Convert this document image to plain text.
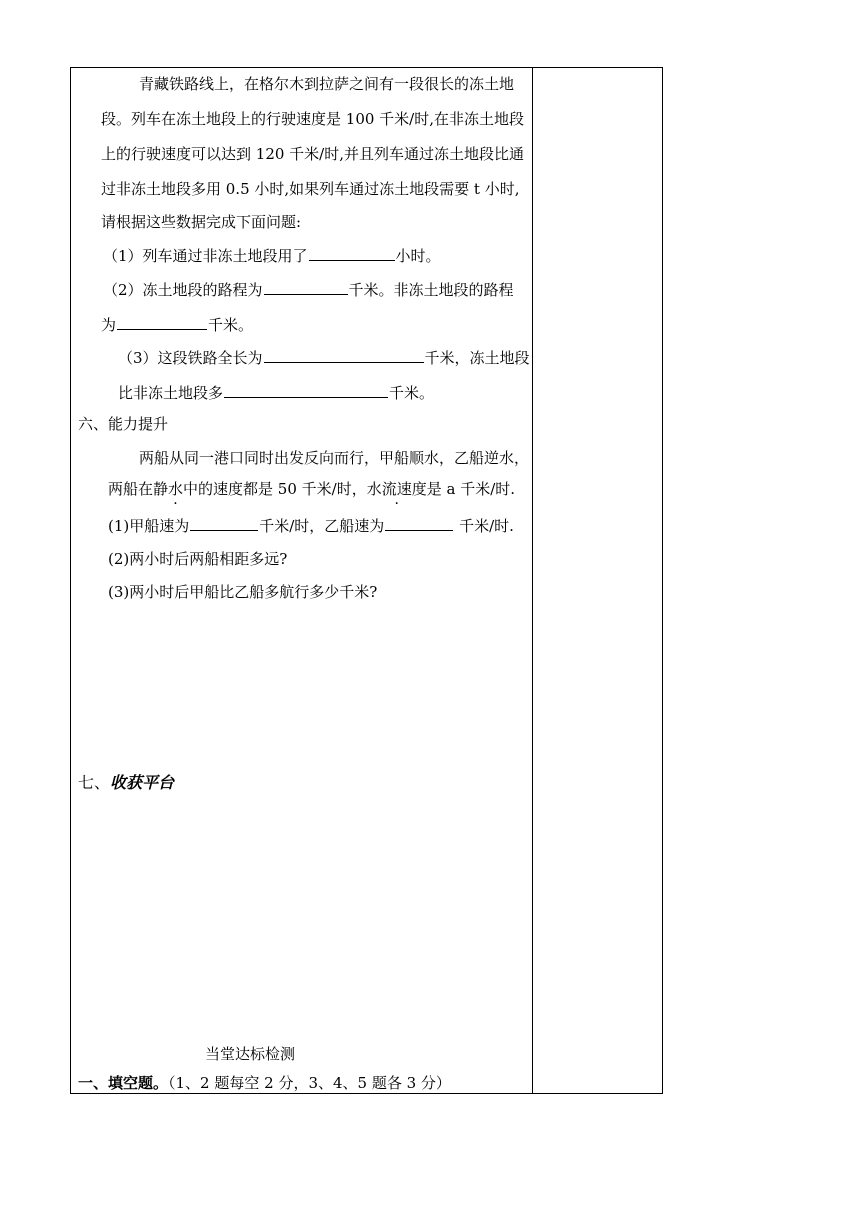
青藏铁路线上，在格尔木到拉萨之间有一段很长的冻土地
段。列车在冻土地段上的行驶速度是 100 千米/时,在非冻土地段
上的行驶速度可以达到 120 千米/时,并且列车通过冻土地段比通
过非冻土地段多用 0.5 小时,如果列车通过冻土地段需要 t 小时,
请根据这些数据完成下面问题:
（1）列车通过非冻土地段用了	小时。
（2）冻土地段的路程为	千米。非冻土地段的路程
为	千米。
（3）这段铁路全长为	千米，冻土地段
比非冻土地段多	千米。
六、能力提升
两船从同一港口同时出发反向而行，甲船顺水，乙船逆水，
两船在静水中的速度都是 50 千米/时，水流速度是 a 千米/时.
(1)甲船速为	千米/时，乙船速为	千米/时.
(2)两小时后两船相距多远?
(3)两小时后甲船比乙船多航行多少千米?
七、收获平台
当堂达标检测
一、填空题。（1、2 题每空 2 分，3、4、5 题各 3 分）
